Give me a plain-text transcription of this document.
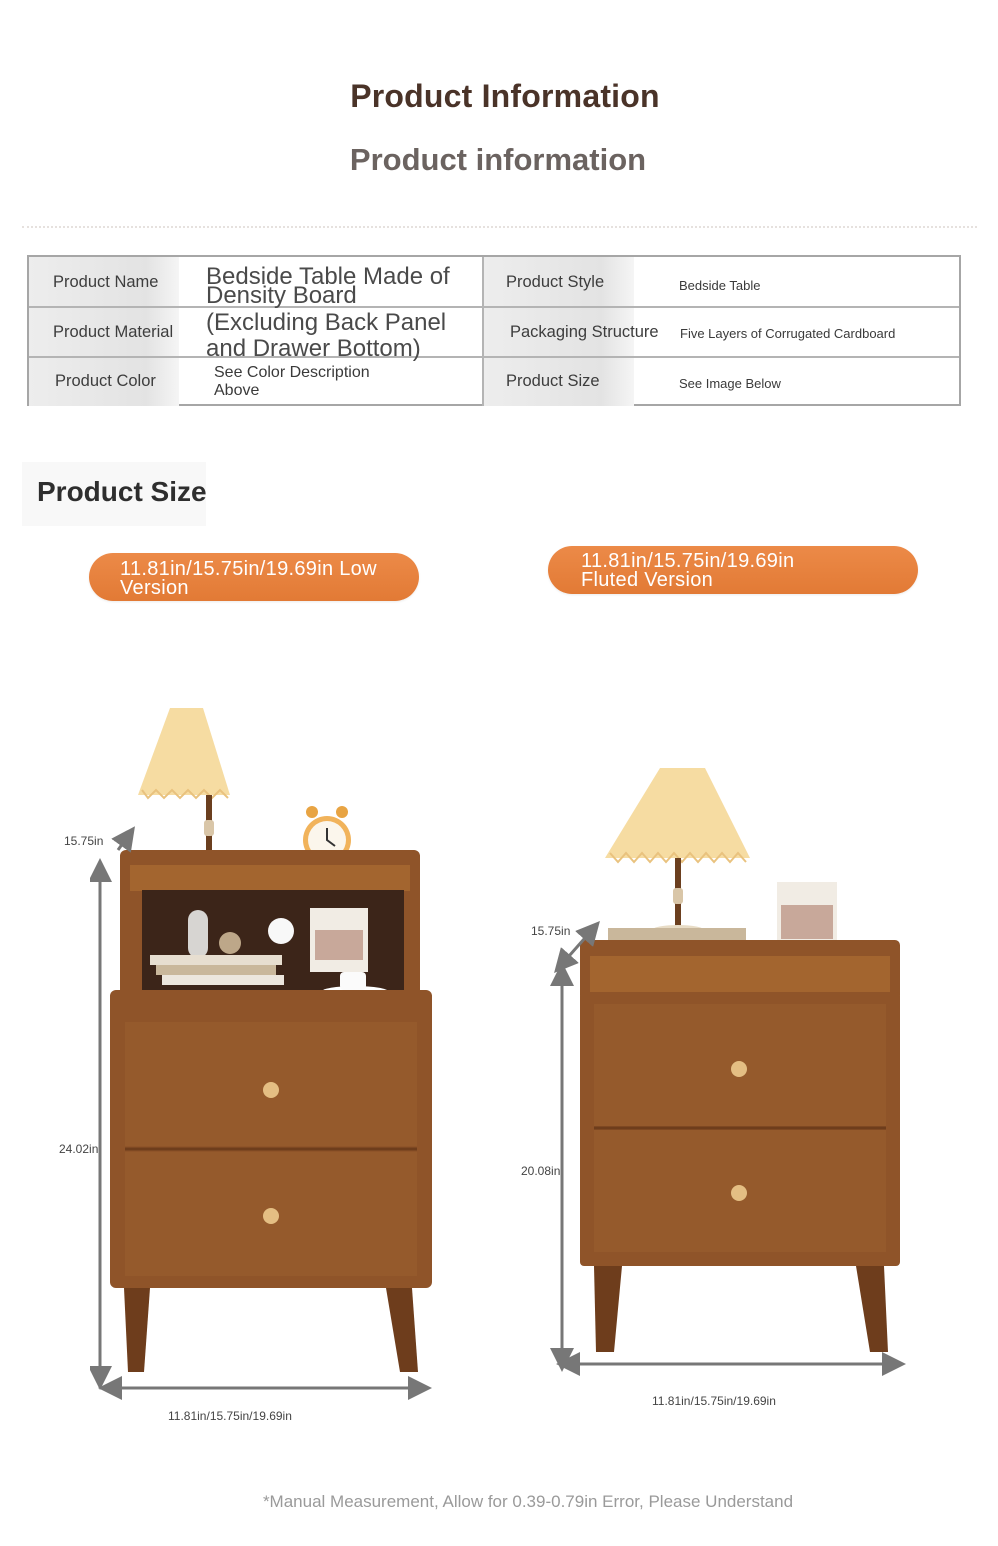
Product Information
Product information
Product Name
Product Material
Product Color
Product Style
Packaging Structure
Product Size
Bedside Table Made of
Density Board
(Excluding Back Panel
and Drawer Bottom)
See Color Description
Above
Bedside Table
Five Layers of Corrugated Cardboard
See Image Below
Product Size
11.81in/15.75in/19.69in Low
Version
11.81in/15.75in/19.69in
Fluted Version
15.75in
24.02in
11.81in/15.75in/19.69in
15.75in
20.08in
11.81in/15.75in/19.69in
*Manual Measurement, Allow for 0.39-0.79in Error, Please Understand
